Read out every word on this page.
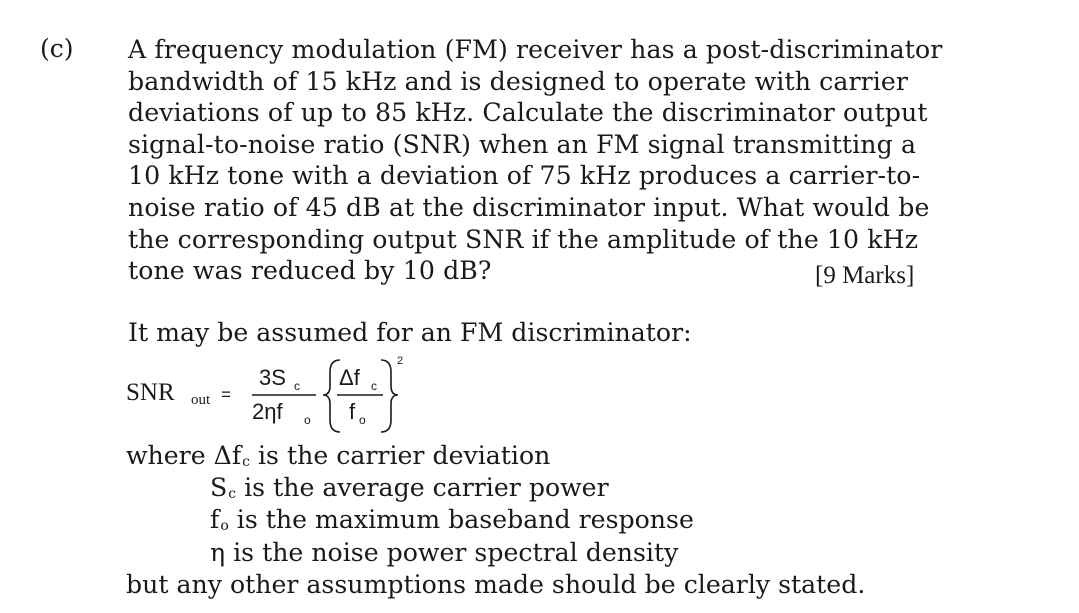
(c) A frequency modulation (FM) receiver has a post-discriminator
bandwidth of 15 kHz and is designed to operate with carrier
deviations of up to 85 kHz. Calculate the discriminator output
signal-to-noise ratio (SNR) when an FM signal transmitting a
10 kHz tone with a deviation of 75 kHz produces a carrier-to-
noise ratio of 45 dB at the discriminator input. What would be
the corresponding output SNR if the amplitude of the 10 kHz
tone was reduced by 10 dB?	[9 Marks]
It may be assumed for an FM discriminator:
SNR out =
3S c
2ηf o
Δf c
f o
2
where Δfc is the carrier deviation
Sc is the average carrier power
fo is the maximum baseband response
η is the noise power spectral density
but any other assumptions made should be clearly stated.
